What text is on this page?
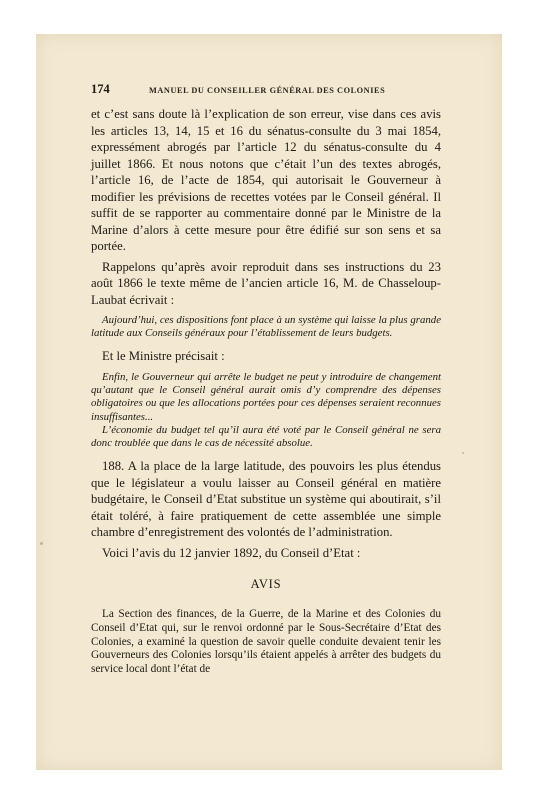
174	MANUEL DU CONSEILLER GÉNÉRAL DES COLONIES

et c’est sans doute là l’explication de son erreur, vise dans ces avis les articles 13, 14, 15 et 16 du sénatus-consulte du 3 mai 1854, expressément abrogés par l’article 12 du sénatus-consulte du 4 juillet 1866. Et nous notons que c’était l’un des textes abrogés, l’article 16, de l’acte de 1854, qui autorisait le Gouverneur à modifier les prévisions de recettes votées par le Conseil général. Il suffit de se rapporter au commentaire donné par le Ministre de la Marine d’alors à cette mesure pour être édifié sur son sens et sa portée.

Rappelons qu’après avoir reproduit dans ses instructions du 23 août 1866 le texte même de l’ancien article 16, M. de Chasseloup-Laubat écrivait :

Aujourd’hui, ces dispositions font place à un système qui laisse la plus grande latitude aux Conseils généraux pour l’établissement de leurs budgets.

Et le Ministre précisait :

Enfin, le Gouverneur qui arrête le budget ne peut y introduire de changement qu’autant que le Conseil général aurait omis d’y comprendre des dépenses obligatoires ou que les allocations portées pour ces dépenses seraient reconnues insuffisantes...

L’économie du budget tel qu’il aura été voté par le Conseil général ne sera donc troublée que dans le cas de nécessité absolue.

188. A la place de la large latitude, des pouvoirs les plus étendus que le législateur a voulu laisser au Conseil général en matière budgétaire, le Conseil d’Etat substitue un système qui aboutirait, s’il était toléré, à faire pratiquement de cette assemblée une simple chambre d’enregistrement des volontés de l’administration.

Voici l’avis du 12 janvier 1892, du Conseil d’Etat :

AVIS

La Section des finances, de la Guerre, de la Marine et des Colonies du Conseil d’Etat qui, sur le renvoi ordonné par le Sous-Secrétaire d’Etat des Colonies, a examiné la question de savoir quelle conduite devaient tenir les Gouverneurs des Colonies lorsqu’ils étaient appelés à arrêter des budgets du service local dont l’état de
